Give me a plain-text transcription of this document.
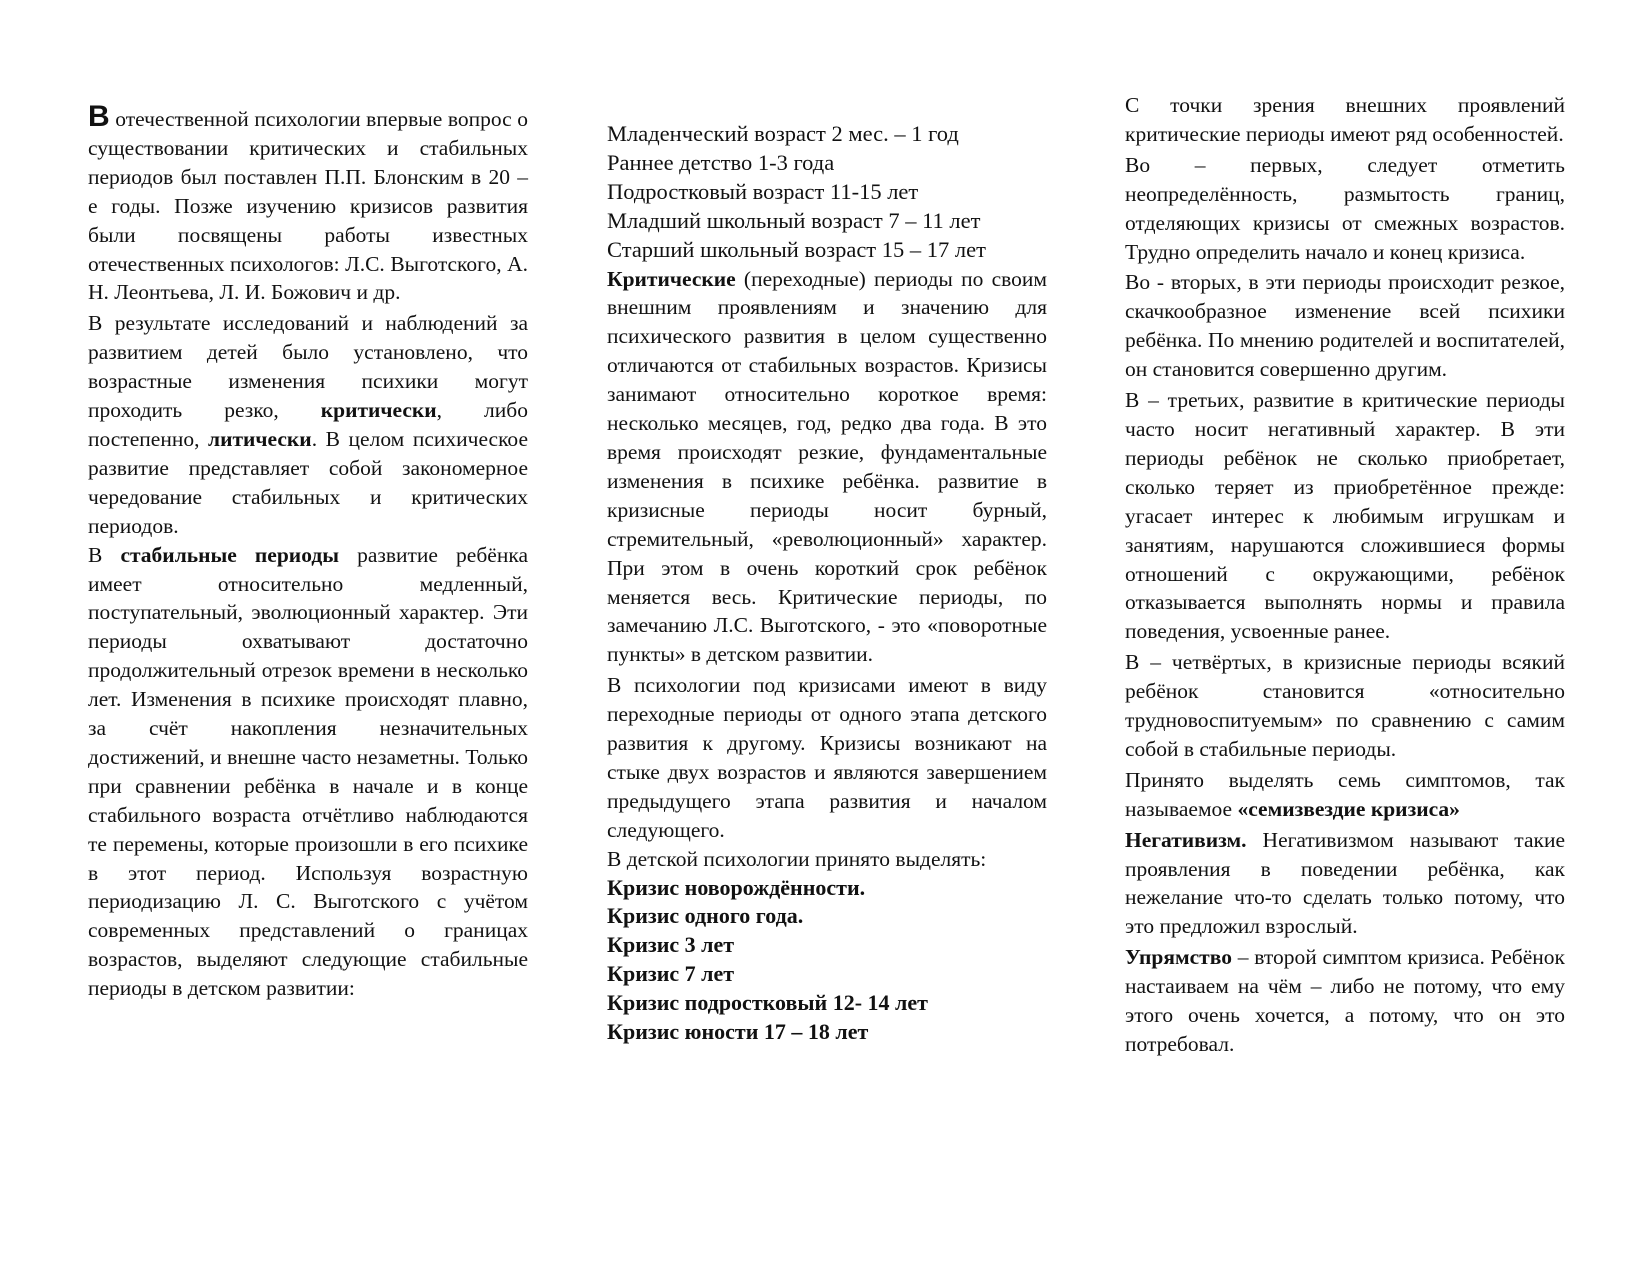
В отечественной психологии впервые вопрос о существовании критических и стабильных периодов был поставлен П.П. Блонским в 20 – е годы. Позже изучению кризисов развития были посвящены работы известных отечественных психологов: Л.С. Выготского, А. Н. Леонтьева, Л. И. Божович и др.

В результате исследований и наблюдений за развитием детей было установлено, что возрастные изменения психики могут проходить резко, критически, либо постепенно, литически. В целом психическое развитие представляет собой закономерное чередование стабильных и критических периодов.

В стабильные периоды развитие ребёнка имеет относительно медленный, поступательный, эволюционный характер. Эти периоды охватывают достаточно продолжительный отрезок времени в несколько лет. Изменения в психике происходят плавно, за счёт накопления незначительных достижений, и внешне часто незаметны. Только при сравнении ребёнка в начале и в конце стабильного возраста отчётливо наблюдаются те перемены, которые произошли в его психике в этот период. Используя возрастную периодизацию Л. С. Выготского с учётом современных представлений о границах возрастов, выделяют следующие стабильные периоды в детском развитии:

Младенческий возраст 2 мес. – 1 год
Раннее детство 1-3 года
Подростковый возраст 11-15 лет
Младший школьный возраст 7 – 11 лет
Старший школьный возраст 15 – 17 лет

Критические (переходные) периоды по своим внешним проявлениям и значению для психического развития в целом существенно отличаются от стабильных возрастов. Кризисы занимают относительно короткое время: несколько месяцев, год, редко два года. В это время происходят резкие, фундаментальные изменения в психике ребёнка. развитие в кризисные периоды носит бурный, стремительный, «революционный» характер. При этом в очень короткий срок ребёнок меняется весь. Критические периоды, по замечанию Л.С. Выготского, - это «поворотные пункты» в детском развитии.

В психологии под кризисами имеют в виду переходные периоды от одного этапа детского развития к другому. Кризисы возникают на стыке двух возрастов и являются завершением предыдущего этапа развития и началом следующего.

В детской психологии принято выделять:

Кризис новорождённости.
Кризис одного года.
Кризис 3 лет
Кризис 7 лет
Кризис подростковый 12- 14 лет
Кризис юности 17 – 18 лет

С точки зрения внешних проявлений критические периоды имеют ряд особенностей.

Во – первых, следует отметить неопределённость, размытость границ, отделяющих кризисы от смежных возрастов. Трудно определить начало и конец кризиса.

Во - вторых, в эти периоды происходит резкое, скачкообразное изменение всей психики ребёнка. По мнению родителей и воспитателей, он становится совершенно другим.

В – третьих, развитие в критические периоды часто носит негативный характер. В эти периоды ребёнок не сколько приобретает, сколько теряет из приобретённое прежде: угасает интерес к любимым игрушкам и занятиям, нарушаются сложившиеся формы отношений с окружающими, ребёнок отказывается выполнять нормы и правила поведения, усвоенные ранее.

В – четвёртых, в кризисные периоды всякий ребёнок становится «относительно трудновоспитуемым» по сравнению с самим собой в стабильные периоды.

Принято выделять семь симптомов, так называемое «семизвездие кризиса»

Негативизм. Негативизмом называют такие проявления в поведении ребёнка, как нежелание что-то сделать только потому, что это предложил взрослый.

Упрямство – второй симптом кризиса. Ребёнок настаиваем на чём – либо не потому, что ему этого очень хочется, а потому, что он это потребовал.
